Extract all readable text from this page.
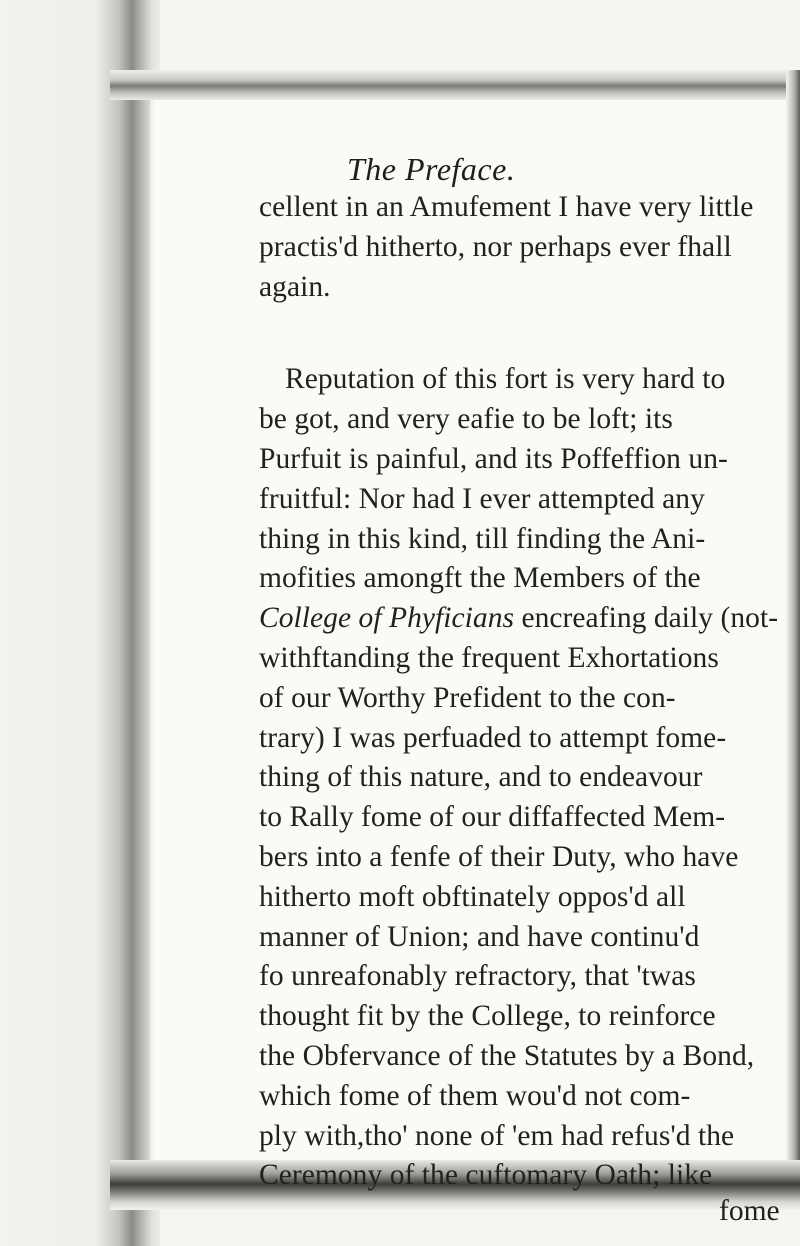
The Preface.
cellent in an Amufement I have very little
practis'd hitherto, nor perhaps ever fhall
again.
Reputation of this fort is very hard to
be got, and very eafie to be loft; its
Purfuit is painful, and its Poffeffion un-
fruitful: Nor had I ever attempted any
thing in this kind, till finding the Ani-
mofities amongft the Members of the
College of Phyficians encreafing daily (not-
withftanding the frequent Exhortations
of our Worthy Prefident to the con-
trary) I was perfuaded to attempt fome-
thing of this nature, and to endeavour
to Rally fome of our diffaffected Mem-
bers into a fenfe of their Duty, who have
hitherto moft obftinately oppos'd all
manner of Union; and have continu'd
fo unreafonably refractory, that 'twas
thought fit by the College, to reinforce
the Obfervance of the Statutes by a Bond,
which fome of them wou'd not com-
ply with,tho' none of 'em had refus'd the
Ceremony of the cuftomary Oath; like
fome
